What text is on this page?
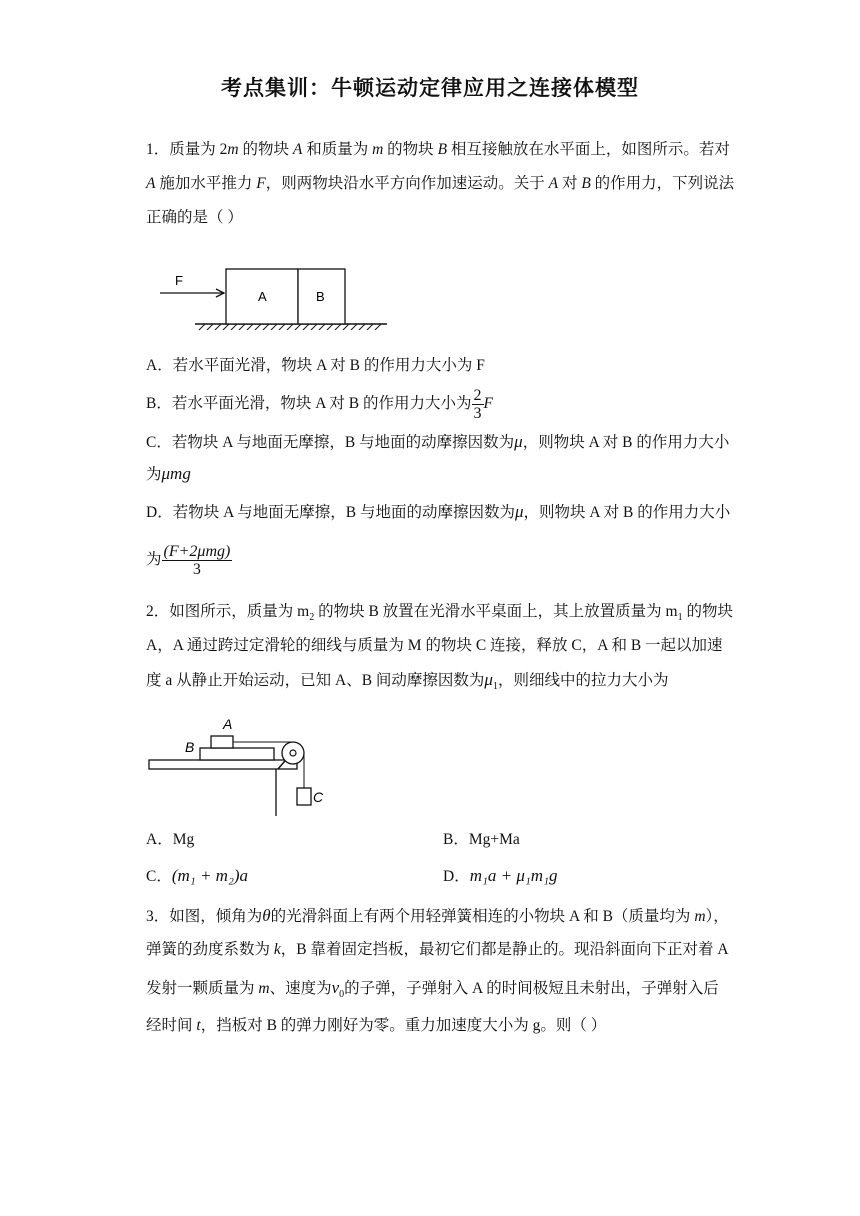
考点集训：牛顿运动定律应用之连接体模型
1．质量为 2m 的物块 A 和质量为 m 的物块 B 相互接触放在水平面上，如图所示。若对
A 施加水平推力 F，则两物块沿水平方向作加速运动。关于 A 对 B 的作用力，下列说法
正确的是（ ）
F
A	B
A．若水平面光滑，物块 A 对 B 的作用力大小为 F
B．若水平面光滑，物块 A 对 B 的作用力大小为 $\frac{2}{3}$ F
C．若物块 A 与地面无摩擦，B 与地面的动摩擦因数为μ，则物块 A 对 B 的作用力大小
为μmg
D．若物块 A 与地面无摩擦，B 与地面的动摩擦因数为μ，则物块 A 对 B 的作用力大小
为 $\frac{\text{(F+2μmg)}}{3}$
2．如图所示，质量为 $m_2$ 的物块 B 放置在光滑水平桌面上，其上放置质量为 $m_1$ 的物块
A，A 通过跨过定滑轮的细线与质量为 M 的物块 C 连接，释放 C，A 和 B 一起以加速
度 a 从静止开始运动，已知 A、B 间动摩擦因数为$\mu_1$，则细线中的拉力大小为
A
B
C
A．Mg	B．Mg+Ma
C．(m₁ + m₂)a	D．m₁a + μ₁m₁g
3．如图，倾角为θ的光滑斜面上有两个用轻弹簧相连的小物块 A 和 B（质量均为 m），
弹簧的劲度系数为 k，B 靠着固定挡板，最初它们都是静止的。现沿斜面向下正对着 A
发射一颗质量为 m、速度为$v_0$的子弹，子弹射入 A 的时间极短且未射出，子弹射入后
经时间 t，挡板对 B 的弹力刚好为零。重力加速度大小为 g。则（ ）
